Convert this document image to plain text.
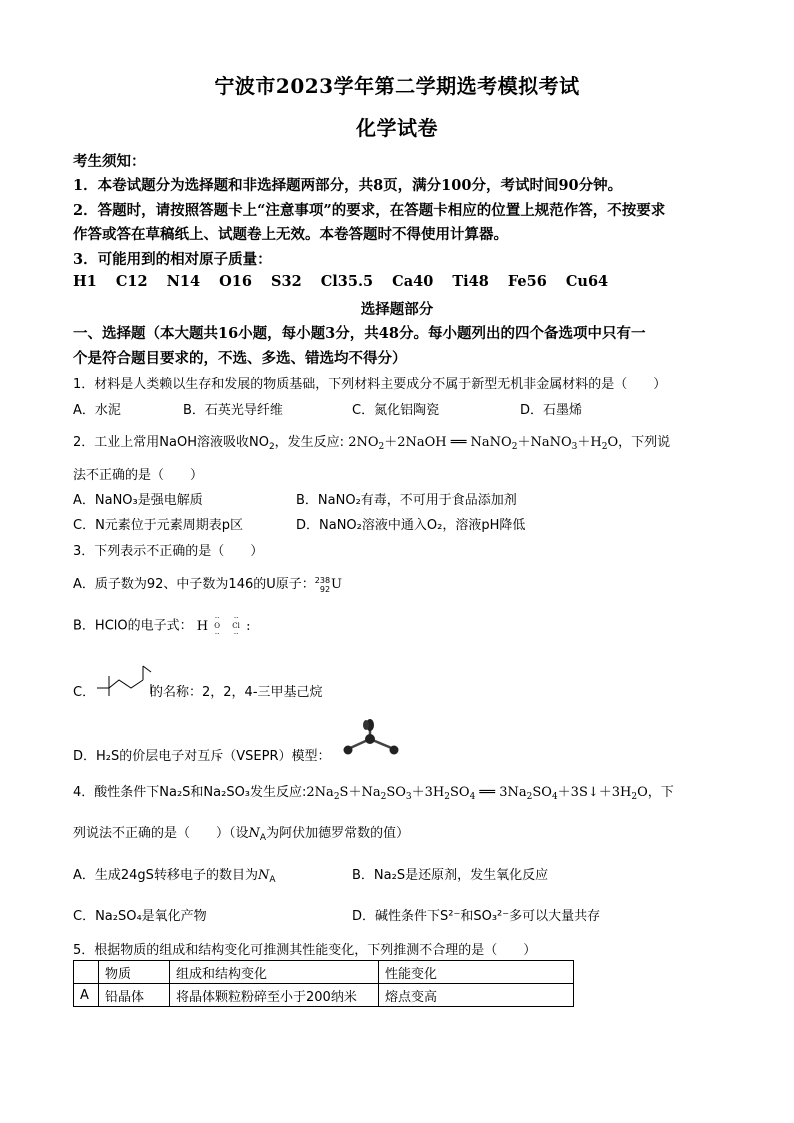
宁波市2023学年第二学期选考模拟考试
化学试卷
考生须知：
1．本卷试题分为选择题和非选择题两部分，共8页，满分100分，考试时间90分钟。
2．答题时，请按照答题卡上“注意事项”的要求，在答题卡相应的位置上规范作答，不按要求
作答或答在草稿纸上、试题卷上无效。本卷答题时不得使用计算器。
3．可能用到的相对原子质量：
H1 C12 N14 O16 S32 Cl35.5 Ca40 Ti48 Fe56 Cu64
选择题部分
一、选择题（本大题共16小题，每小题3分，共48分。每小题列出的四个备选项中只有一
个是符合题目要求的，不选、多选、错选均不得分）
1．材料是人类赖以生存和发展的物质基础，下列材料主要成分不属于新型无机非金属材料的是（　　）
A．水泥	B．石英光导纤维	C．氮化铝陶瓷	D．石墨烯
2．工业上常用NaOH溶液吸收$NO_2$，发生反应: $2NO_2+2NaOH$ ══ $NaNO_2+NaNO_3+H_2O$，下列说
法不正确的是（　　）
A．NaNO₃是强电解质	B．NaNO₂有毒，不可用于食品添加剂
C．N元素位于元素周期表p区	D．NaNO₂溶液中通入O₂，溶液pH降低
3．下列表示不正确的是（　　）
A．质子数为92、中子数为146的U原子：238
92U
B．HClO的电子式： H··
O
····
Cl
··:
C．	的名称：2，2，4-三甲基己烷
D．H₂S的价层电子对互斥（VSEPR）模型：
4．酸性条件下Na₂S和Na₂SO₃发生反应$:2Na_2S+Na_2SO_3+3H_2SO_4$ ══ $3Na_2SO_4+3S↓+3H_2O$，下
列说法不正确的是（　　）（设$N_A$为阿伏加德罗常数的值）
A．生成24gS转移电子的数目为$N_A$	B．Na₂S是还原剂，发生氧化反应
C．Na₂SO₄是氧化产物	D．碱性条件下S²⁻和SO₃²⁻多可以大量共存
5．根据物质的组成和结构变化可推测其性能变化，下列推测不合理的是（　　）
	物质	组成和结构变化	性能变化
A	铅晶体	将晶体颗粒粉碎至小于200纳米	熔点变高
